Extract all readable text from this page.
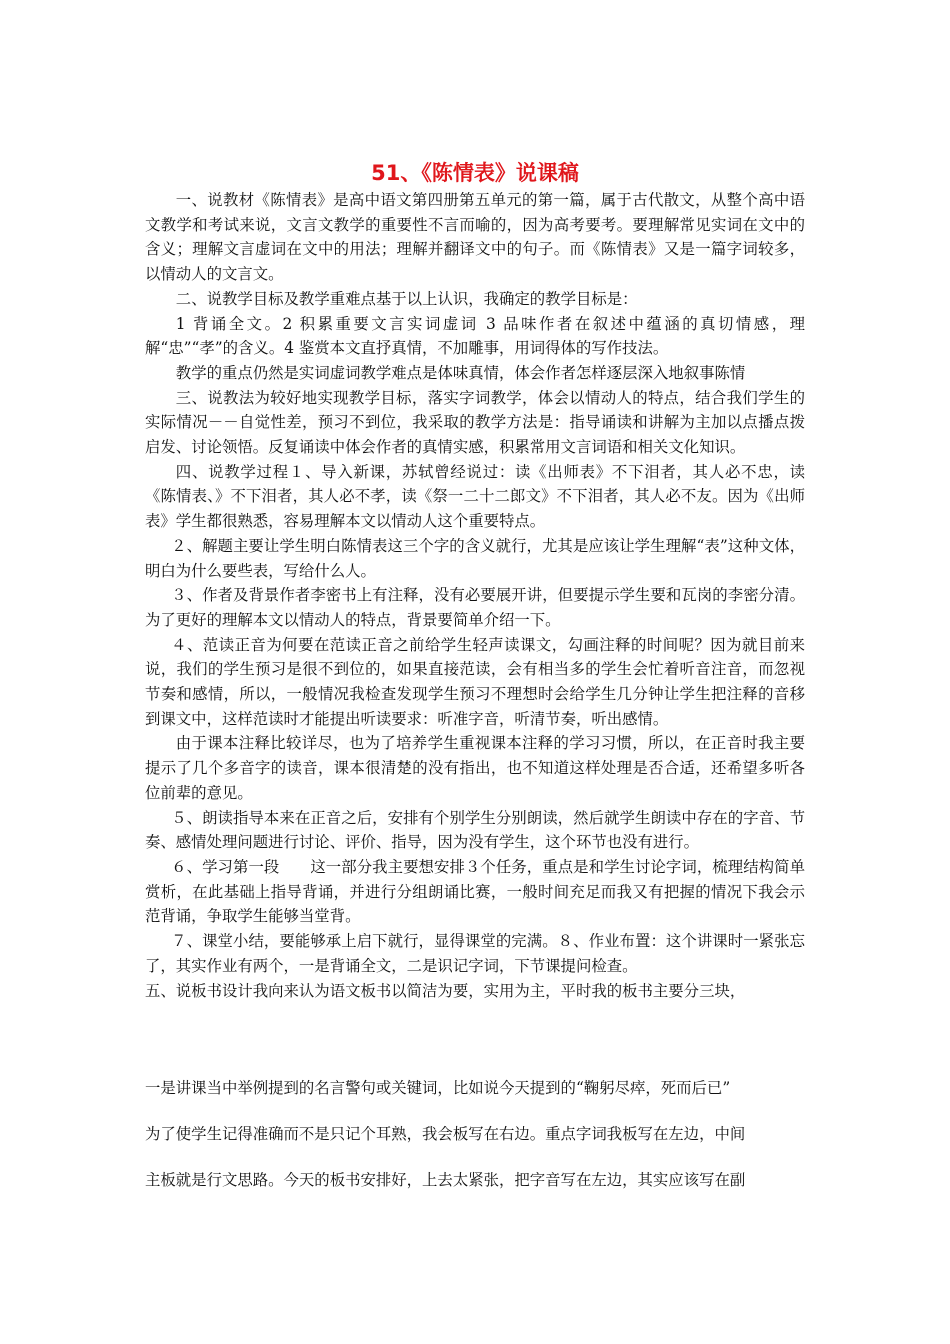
51、《陈情表》说课稿

一、说教材《陈情表》是高中语文第四册第五单元的第一篇，属于古代散文，从整个高中语文教学和考试来说，文言文教学的重要性不言而喻的，因为高考要考。要理解常见实词在文中的含义；理解文言虚词在文中的用法；理解并翻译文中的句子。而《陈情表》又是一篇字词较多，以情动人的文言文。

二、说教学目标及教学重难点基于以上认识，我确定的教学目标是：

1 背诵全文。2 积累重要文言实词虚词 3 品味作者在叙述中蕴涵的真切情感，理解“忠”“孝”的含义。4 鉴赏本文直抒真情，不加雕事，用词得体的写作技法。

教学的重点仍然是实词虚词教学难点是体味真情，体会作者怎样逐层深入地叙事陈情

三、说教法为较好地实现教学目标，落实字词教学，体会以情动人的特点，结合我们学生的实际情况－－自觉性差，预习不到位，我采取的教学方法是：指导诵读和讲解为主加以点播点拨启发、讨论领悟。反复诵读中体会作者的真情实感，积累常用文言词语和相关文化知识。

四、说教学过程１、导入新课，苏轼曾经说过：读《出师表》不下泪者，其人必不忠，读《陈情表、》不下泪者，其人必不孝，读《祭一二十二郎文》不下泪者，其人必不友。因为《出师表》学生都很熟悉，容易理解本文以情动人这个重要特点。

２、解题主要让学生明白陈情表这三个字的含义就行，尤其是应该让学生理解“表”这种文体，明白为什么要些表，写给什么人。

３、作者及背景作者李密书上有注释，没有必要展开讲，但要提示学生要和瓦岗的李密分清。为了更好的理解本文以情动人的特点，背景要简单介绍一下。

４、范读正音为何要在范读正音之前给学生轻声读课文，勾画注释的时间呢？因为就目前来说，我们的学生预习是很不到位的，如果直接范读，会有相当多的学生会忙着听音注音，而忽视节奏和感情，所以，一般情况我检查发现学生预习不理想时会给学生几分钟让学生把注释的音移到课文中，这样范读时才能提出听读要求：听准字音，听清节奏，听出感情。

由于课本注释比较详尽，也为了培养学生重视课本注释的学习习惯，所以，在正音时我主要提示了几个多音字的读音，课本很清楚的没有指出，也不知道这样处理是否合适，还希望多听各位前辈的意见。

５、朗读指导本来在正音之后，安排有个别学生分别朗读，然后就学生朗读中存在的字音、节奏、感情处理问题进行讨论、评价、指导，因为没有学生，这个环节也没有进行。

６、学习第一段　　这一部分我主要想安排３个任务，重点是和学生讨论字词，梳理结构简单赏析，在此基础上指导背诵，并进行分组朗诵比赛，一般时间充足而我又有把握的情况下我会示范背诵，争取学生能够当堂背。

７、课堂小结，要能够承上启下就行，显得课堂的完满。８、作业布置：这个讲课时一紧张忘了，其实作业有两个，一是背诵全文，二是识记字词，下节课提问检查。

五、说板书设计我向来认为语文板书以简洁为要，实用为主，平时我的板书主要分三块，

一是讲课当中举例提到的名言警句或关键词，比如说今天提到的“鞠躬尽瘁，死而后已”

为了使学生记得准确而不是只记个耳熟，我会板写在右边。重点字词我板写在左边，中间

主板就是行文思路。今天的板书安排好，上去太紧张，把字音写在左边，其实应该写在副
